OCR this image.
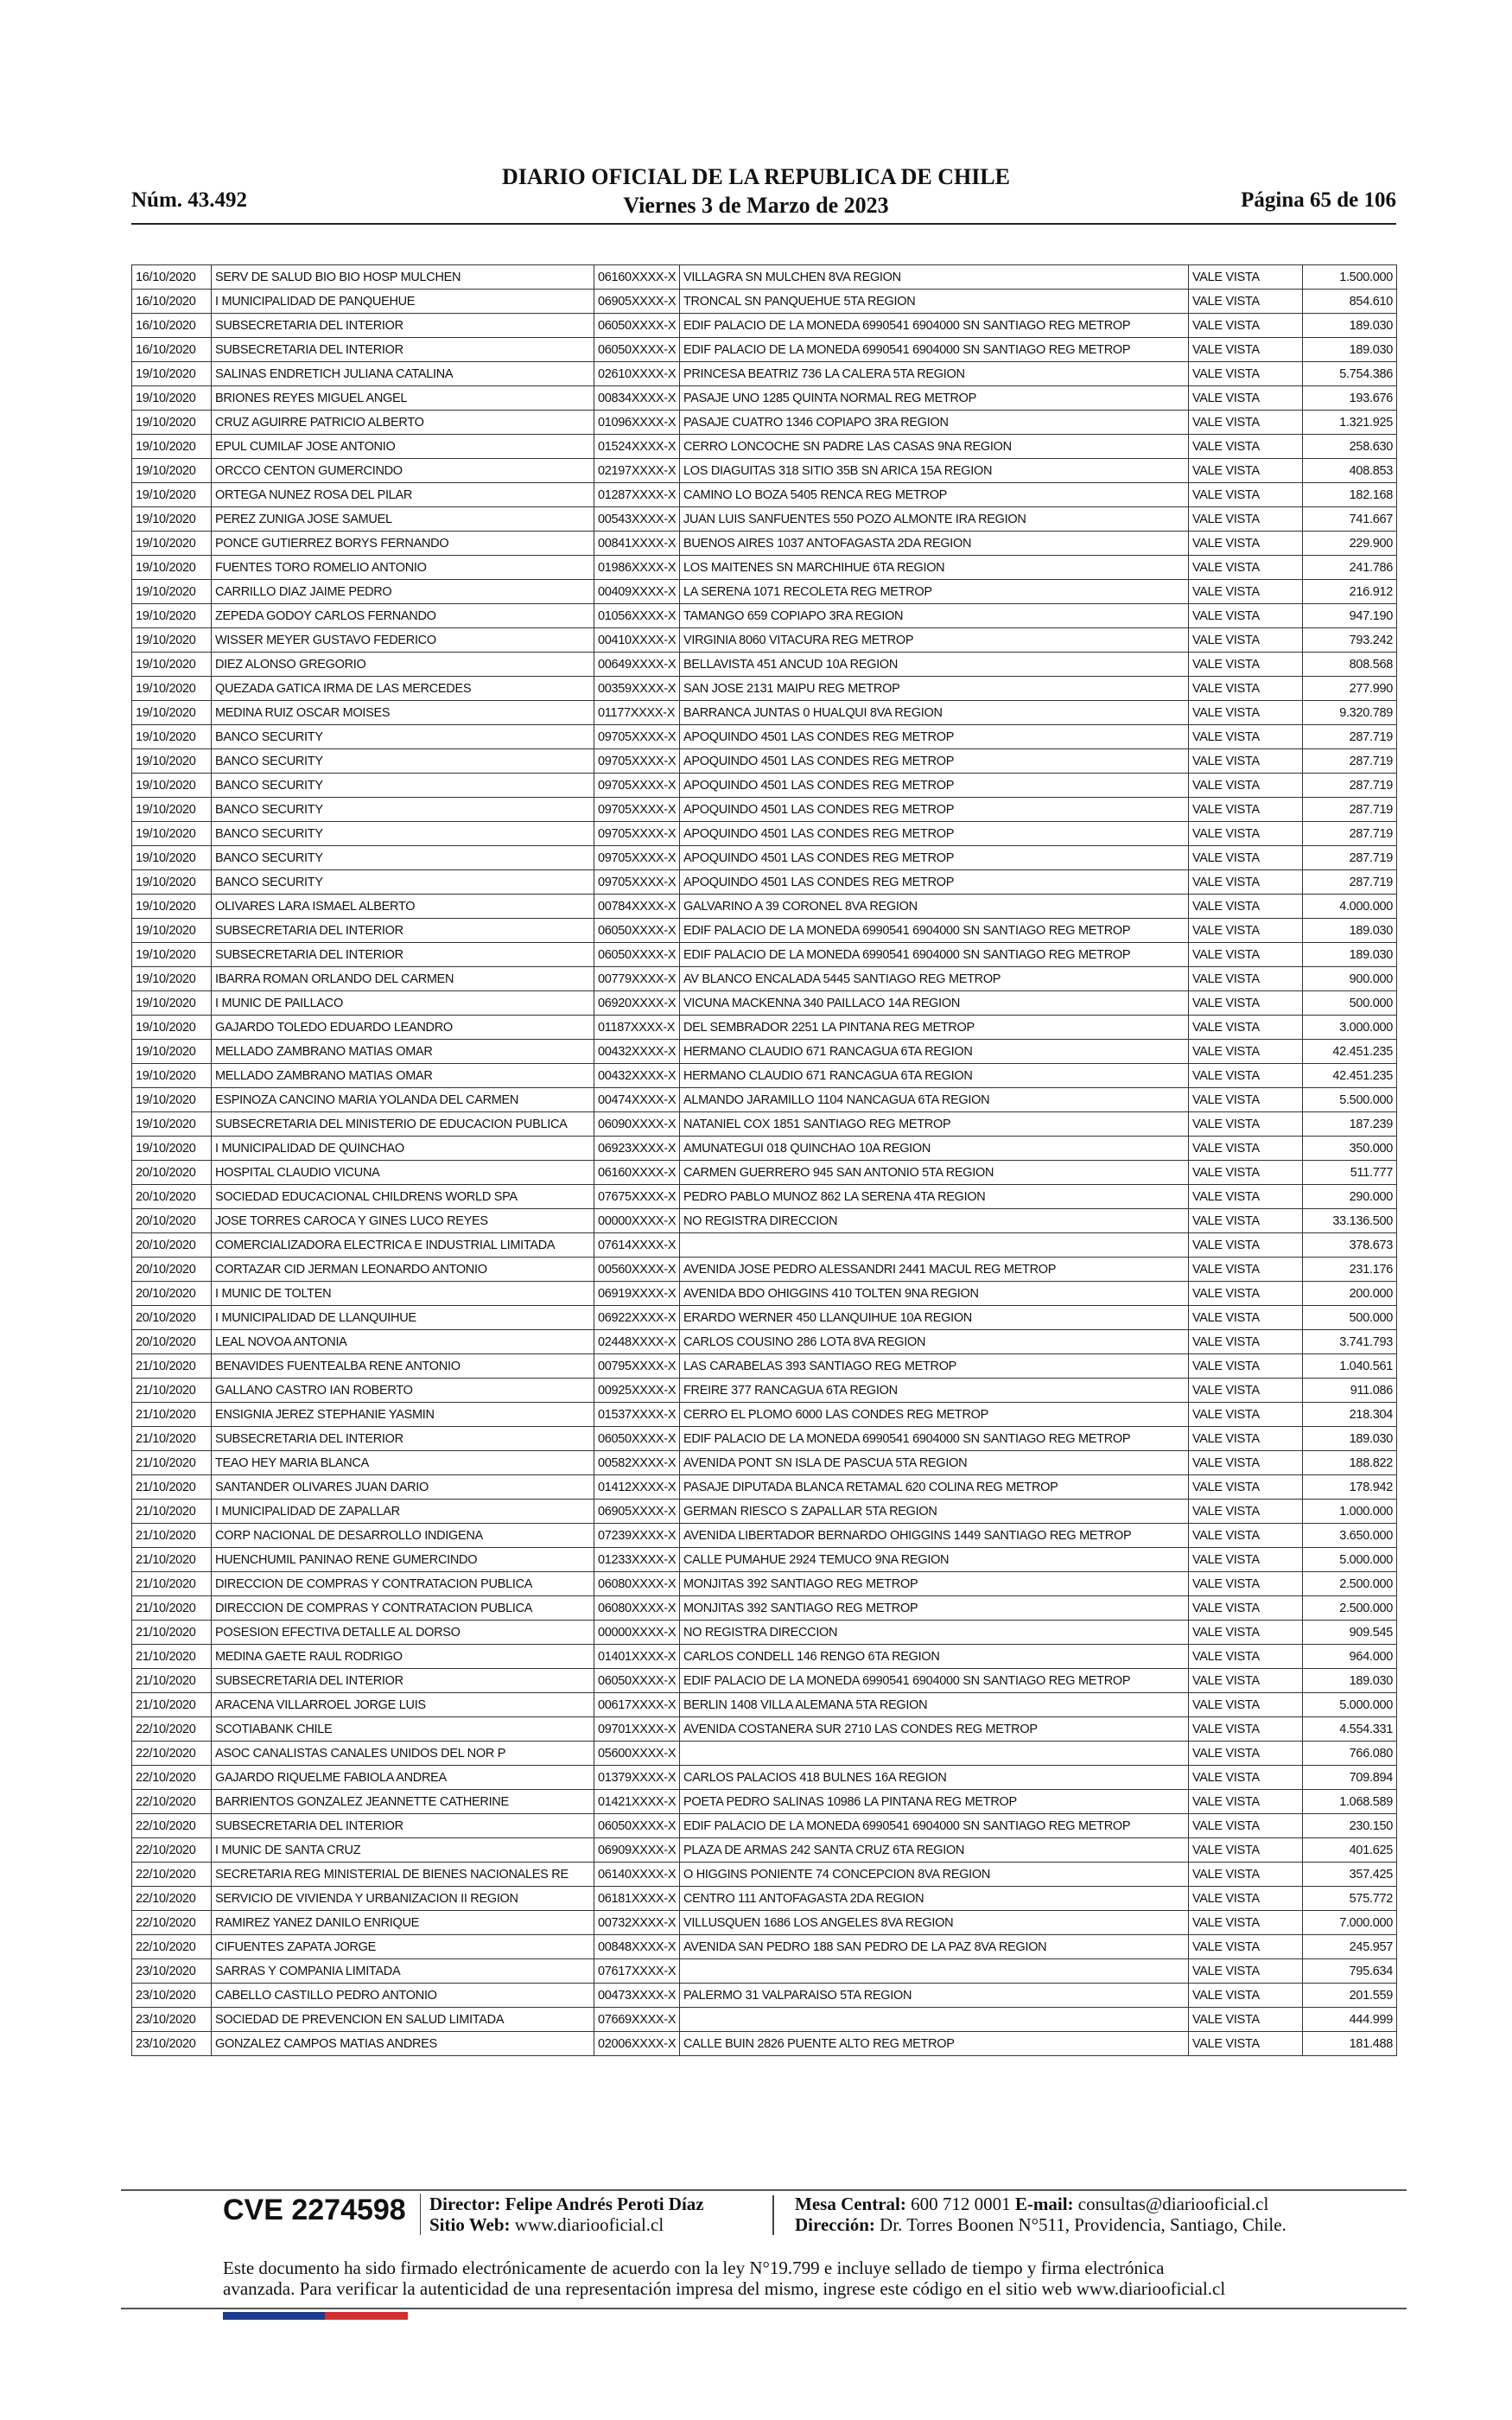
Núm. 43.492
DIARIO OFICIAL DE LA REPUBLICA DE CHILE
Viernes 3 de Marzo de 2023	Página 65 de 106
16/10/2020	SERV DE SALUD BIO BIO HOSP MULCHEN	06160XXXX-X	VILLAGRA SN MULCHEN 8VA REGION	VALE VISTA	1.500.000
16/10/2020	I MUNICIPALIDAD DE PANQUEHUE	06905XXXX-X	TRONCAL SN PANQUEHUE 5TA REGION	VALE VISTA	854.610
16/10/2020	SUBSECRETARIA DEL INTERIOR	06050XXXX-X	EDIF PALACIO DE LA MONEDA 6990541 6904000 SN SANTIAGO REG METROP	VALE VISTA	189.030
16/10/2020	SUBSECRETARIA DEL INTERIOR	06050XXXX-X	EDIF PALACIO DE LA MONEDA 6990541 6904000 SN SANTIAGO REG METROP	VALE VISTA	189.030
19/10/2020	SALINAS ENDRETICH JULIANA CATALINA	02610XXXX-X	PRINCESA BEATRIZ 736 LA CALERA 5TA REGION	VALE VISTA	5.754.386
19/10/2020	BRIONES REYES MIGUEL ANGEL	00834XXXX-X	PASAJE UNO 1285 QUINTA NORMAL REG METROP	VALE VISTA	193.676
19/10/2020	CRUZ AGUIRRE PATRICIO ALBERTO	01096XXXX-X	PASAJE CUATRO 1346 COPIAPO 3RA REGION	VALE VISTA	1.321.925
19/10/2020	EPUL CUMILAF JOSE ANTONIO	01524XXXX-X	CERRO LONCOCHE SN PADRE LAS CASAS 9NA REGION	VALE VISTA	258.630
19/10/2020	ORCCO CENTON GUMERCINDO	02197XXXX-X	LOS DIAGUITAS 318 SITIO 35B SN ARICA 15A REGION	VALE VISTA	408.853
19/10/2020	ORTEGA NUNEZ ROSA DEL PILAR	01287XXXX-X	CAMINO LO BOZA 5405 RENCA REG METROP	VALE VISTA	182.168
19/10/2020	PEREZ ZUNIGA JOSE SAMUEL	00543XXXX-X	JUAN LUIS SANFUENTES 550 POZO ALMONTE IRA REGION	VALE VISTA	741.667
19/10/2020	PONCE GUTIERREZ BORYS FERNANDO	00841XXXX-X	BUENOS AIRES 1037 ANTOFAGASTA 2DA REGION	VALE VISTA	229.900
19/10/2020	FUENTES TORO ROMELIO ANTONIO	01986XXXX-X	LOS MAITENES SN MARCHIHUE 6TA REGION	VALE VISTA	241.786
19/10/2020	CARRILLO DIAZ JAIME PEDRO	00409XXXX-X	LA SERENA 1071 RECOLETA REG METROP	VALE VISTA	216.912
19/10/2020	ZEPEDA GODOY CARLOS FERNANDO	01056XXXX-X	TAMANGO 659 COPIAPO 3RA REGION	VALE VISTA	947.190
19/10/2020	WISSER MEYER GUSTAVO FEDERICO	00410XXXX-X	VIRGINIA 8060 VITACURA REG METROP	VALE VISTA	793.242
19/10/2020	DIEZ ALONSO GREGORIO	00649XXXX-X	BELLAVISTA 451 ANCUD 10A REGION	VALE VISTA	808.568
19/10/2020	QUEZADA GATICA IRMA DE LAS MERCEDES	00359XXXX-X	SAN JOSE 2131 MAIPU REG METROP	VALE VISTA	277.990
19/10/2020	MEDINA RUIZ OSCAR MOISES	01177XXXX-X	BARRANCA JUNTAS 0 HUALQUI 8VA REGION	VALE VISTA	9.320.789
19/10/2020	BANCO SECURITY	09705XXXX-X	APOQUINDO 4501 LAS CONDES REG METROP	VALE VISTA	287.719
19/10/2020	BANCO SECURITY	09705XXXX-X	APOQUINDO 4501 LAS CONDES REG METROP	VALE VISTA	287.719
19/10/2020	BANCO SECURITY	09705XXXX-X	APOQUINDO 4501 LAS CONDES REG METROP	VALE VISTA	287.719
19/10/2020	BANCO SECURITY	09705XXXX-X	APOQUINDO 4501 LAS CONDES REG METROP	VALE VISTA	287.719
19/10/2020	BANCO SECURITY	09705XXXX-X	APOQUINDO 4501 LAS CONDES REG METROP	VALE VISTA	287.719
19/10/2020	BANCO SECURITY	09705XXXX-X	APOQUINDO 4501 LAS CONDES REG METROP	VALE VISTA	287.719
19/10/2020	BANCO SECURITY	09705XXXX-X	APOQUINDO 4501 LAS CONDES REG METROP	VALE VISTA	287.719
19/10/2020	OLIVARES LARA ISMAEL ALBERTO	00784XXXX-X	GALVARINO A 39 CORONEL 8VA REGION	VALE VISTA	4.000.000
19/10/2020	SUBSECRETARIA DEL INTERIOR	06050XXXX-X	EDIF PALACIO DE LA MONEDA 6990541 6904000 SN SANTIAGO REG METROP	VALE VISTA	189.030
19/10/2020	SUBSECRETARIA DEL INTERIOR	06050XXXX-X	EDIF PALACIO DE LA MONEDA 6990541 6904000 SN SANTIAGO REG METROP	VALE VISTA	189.030
19/10/2020	IBARRA ROMAN ORLANDO DEL CARMEN	00779XXXX-X	AV BLANCO ENCALADA 5445 SANTIAGO REG METROP	VALE VISTA	900.000
19/10/2020	I MUNIC DE PAILLACO	06920XXXX-X	VICUNA MACKENNA 340 PAILLACO 14A REGION	VALE VISTA	500.000
19/10/2020	GAJARDO TOLEDO EDUARDO LEANDRO	01187XXXX-X	DEL SEMBRADOR 2251 LA PINTANA REG METROP	VALE VISTA	3.000.000
19/10/2020	MELLADO ZAMBRANO MATIAS OMAR	00432XXXX-X	HERMANO CLAUDIO 671 RANCAGUA 6TA REGION	VALE VISTA	42.451.235
19/10/2020	MELLADO ZAMBRANO MATIAS OMAR	00432XXXX-X	HERMANO CLAUDIO 671 RANCAGUA 6TA REGION	VALE VISTA	42.451.235
19/10/2020	ESPINOZA CANCINO MARIA YOLANDA DEL CARMEN	00474XXXX-X	ALMANDO JARAMILLO 1104 NANCAGUA 6TA REGION	VALE VISTA	5.500.000
19/10/2020	SUBSECRETARIA DEL MINISTERIO DE EDUCACION PUBLICA	06090XXXX-X	NATANIEL COX 1851 SANTIAGO REG METROP	VALE VISTA	187.239
19/10/2020	I MUNICIPALIDAD DE QUINCHAO	06923XXXX-X	AMUNATEGUI 018 QUINCHAO 10A REGION	VALE VISTA	350.000
20/10/2020	HOSPITAL CLAUDIO VICUNA	06160XXXX-X	CARMEN GUERRERO 945 SAN ANTONIO 5TA REGION	VALE VISTA	511.777
20/10/2020	SOCIEDAD EDUCACIONAL CHILDRENS WORLD SPA	07675XXXX-X	PEDRO PABLO MUNOZ 862 LA SERENA 4TA REGION	VALE VISTA	290.000
20/10/2020	JOSE TORRES CAROCA Y GINES LUCO REYES	00000XXXX-X	NO REGISTRA DIRECCION	VALE VISTA	33.136.500
20/10/2020	COMERCIALIZADORA ELECTRICA E INDUSTRIAL LIMITADA	07614XXXX-X		VALE VISTA	378.673
20/10/2020	CORTAZAR CID JERMAN LEONARDO ANTONIO	00560XXXX-X	AVENIDA JOSE PEDRO ALESSANDRI 2441 MACUL REG METROP	VALE VISTA	231.176
20/10/2020	I MUNIC DE TOLTEN	06919XXXX-X	AVENIDA BDO OHIGGINS 410 TOLTEN 9NA REGION	VALE VISTA	200.000
20/10/2020	I MUNICIPALIDAD DE LLANQUIHUE	06922XXXX-X	ERARDO WERNER 450 LLANQUIHUE 10A REGION	VALE VISTA	500.000
20/10/2020	LEAL NOVOA ANTONIA	02448XXXX-X	CARLOS COUSINO 286 LOTA 8VA REGION	VALE VISTA	3.741.793
21/10/2020	BENAVIDES FUENTEALBA RENE ANTONIO	00795XXXX-X	LAS CARABELAS 393 SANTIAGO REG METROP	VALE VISTA	1.040.561
21/10/2020	GALLANO CASTRO IAN ROBERTO	00925XXXX-X	FREIRE 377 RANCAGUA 6TA REGION	VALE VISTA	911.086
21/10/2020	ENSIGNIA JEREZ STEPHANIE YASMIN	01537XXXX-X	CERRO EL PLOMO 6000 LAS CONDES REG METROP	VALE VISTA	218.304
21/10/2020	SUBSECRETARIA DEL INTERIOR	06050XXXX-X	EDIF PALACIO DE LA MONEDA 6990541 6904000 SN SANTIAGO REG METROP	VALE VISTA	189.030
21/10/2020	TEAO HEY MARIA BLANCA	00582XXXX-X	AVENIDA PONT SN ISLA DE PASCUA 5TA REGION	VALE VISTA	188.822
21/10/2020	SANTANDER OLIVARES JUAN DARIO	01412XXXX-X	PASAJE DIPUTADA BLANCA RETAMAL 620 COLINA REG METROP	VALE VISTA	178.942
21/10/2020	I MUNICIPALIDAD DE ZAPALLAR	06905XXXX-X	GERMAN RIESCO S ZAPALLAR 5TA REGION	VALE VISTA	1.000.000
21/10/2020	CORP NACIONAL DE DESARROLLO INDIGENA	07239XXXX-X	AVENIDA LIBERTADOR BERNARDO OHIGGINS 1449 SANTIAGO REG METROP	VALE VISTA	3.650.000
21/10/2020	HUENCHUMIL PANINAO RENE GUMERCINDO	01233XXXX-X	CALLE PUMAHUE 2924 TEMUCO 9NA REGION	VALE VISTA	5.000.000
21/10/2020	DIRECCION DE COMPRAS Y CONTRATACION PUBLICA	06080XXXX-X	MONJITAS 392 SANTIAGO REG METROP	VALE VISTA	2.500.000
21/10/2020	DIRECCION DE COMPRAS Y CONTRATACION PUBLICA	06080XXXX-X	MONJITAS 392 SANTIAGO REG METROP	VALE VISTA	2.500.000
21/10/2020	POSESION EFECTIVA DETALLE AL DORSO	00000XXXX-X	NO REGISTRA DIRECCION	VALE VISTA	909.545
21/10/2020	MEDINA GAETE RAUL RODRIGO	01401XXXX-X	CARLOS CONDELL 146 RENGO 6TA REGION	VALE VISTA	964.000
21/10/2020	SUBSECRETARIA DEL INTERIOR	06050XXXX-X	EDIF PALACIO DE LA MONEDA 6990541 6904000 SN SANTIAGO REG METROP	VALE VISTA	189.030
21/10/2020	ARACENA VILLARROEL JORGE LUIS	00617XXXX-X	BERLIN 1408 VILLA ALEMANA 5TA REGION	VALE VISTA	5.000.000
22/10/2020	SCOTIABANK CHILE	09701XXXX-X	AVENIDA COSTANERA SUR 2710 LAS CONDES REG METROP	VALE VISTA	4.554.331
22/10/2020	ASOC CANALISTAS CANALES UNIDOS DEL NOR P	05600XXXX-X		VALE VISTA	766.080
22/10/2020	GAJARDO RIQUELME FABIOLA ANDREA	01379XXXX-X	CARLOS PALACIOS 418 BULNES 16A REGION	VALE VISTA	709.894
22/10/2020	BARRIENTOS GONZALEZ JEANNETTE CATHERINE	01421XXXX-X	POETA PEDRO SALINAS 10986 LA PINTANA REG METROP	VALE VISTA	1.068.589
22/10/2020	SUBSECRETARIA DEL INTERIOR	06050XXXX-X	EDIF PALACIO DE LA MONEDA 6990541 6904000 SN SANTIAGO REG METROP	VALE VISTA	230.150
22/10/2020	I MUNIC DE SANTA CRUZ	06909XXXX-X	PLAZA DE ARMAS 242 SANTA CRUZ 6TA REGION	VALE VISTA	401.625
22/10/2020	SECRETARIA REG MINISTERIAL DE BIENES NACIONALES RE	06140XXXX-X	O HIGGINS PONIENTE 74 CONCEPCION 8VA REGION	VALE VISTA	357.425
22/10/2020	SERVICIO DE VIVIENDA Y URBANIZACION II REGION	06181XXXX-X	CENTRO 111 ANTOFAGASTA 2DA REGION	VALE VISTA	575.772
22/10/2020	RAMIREZ YANEZ DANILO ENRIQUE	00732XXXX-X	VILLUSQUEN 1686 LOS ANGELES 8VA REGION	VALE VISTA	7.000.000
22/10/2020	CIFUENTES ZAPATA JORGE	00848XXXX-X	AVENIDA SAN PEDRO 188 SAN PEDRO DE LA PAZ 8VA REGION	VALE VISTA	245.957
23/10/2020	SARRAS Y COMPANIA LIMITADA	07617XXXX-X		VALE VISTA	795.634
23/10/2020	CABELLO CASTILLO PEDRO ANTONIO	00473XXXX-X	PALERMO 31 VALPARAISO 5TA REGION	VALE VISTA	201.559
23/10/2020	SOCIEDAD DE PREVENCION EN SALUD LIMITADA	07669XXXX-X		VALE VISTA	444.999
23/10/2020	GONZALEZ CAMPOS MATIAS ANDRES	02006XXXX-X	CALLE BUIN 2826 PUENTE ALTO REG METROP	VALE VISTA	181.488
CVE 2274598 Director: Felipe Andrés Peroti Díaz
Sitio Web: www.diariooficial.cl
Mesa Central: 600 712 0001 E-mail: consultas@diariooficial.cl
Dirección: Dr. Torres Boonen N°511, Providencia, Santiago, Chile.
Este documento ha sido firmado electrónicamente de acuerdo con la ley N°19.799 e incluye sellado de tiempo y firma electrónica
avanzada. Para verificar la autenticidad de una representación impresa del mismo, ingrese este código en el sitio web www.diariooficial.cl
